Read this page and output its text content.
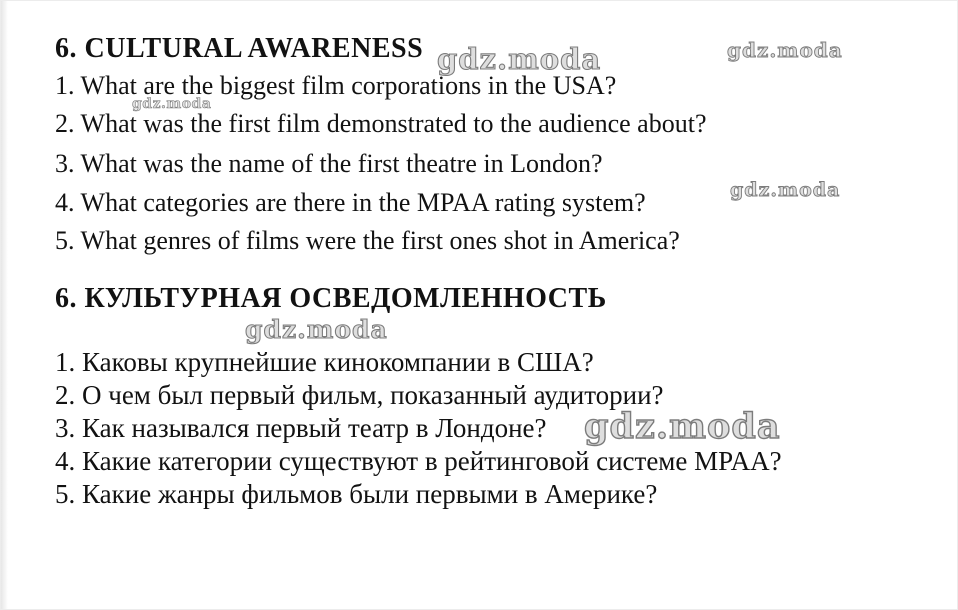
6. CULTURAL AWARENESS

1. What are the biggest film corporations in the USA?

2. What was the first film demonstrated to the audience about?

3. What was the name of the first theatre in London?

4. What categories are there in the MPAA rating system?

5. What genres of films were the first ones shot in America?

6. КУЛЬТУРНАЯ ОСВЕДОМЛЕННОСТЬ

1. Каковы крупнейшие кинокомпании в США?

2. О чем был первый фильм, показанный аудитории?

3. Как назывался первый театр в Лондоне?

4. Какие категории существуют в рейтинговой системе MPAA?

5. Какие жанры фильмов были первыми в Америке?

gdz.moda	gdz.moda
gdz.moda
gdz.moda
gdz.moda
gdz.moda
